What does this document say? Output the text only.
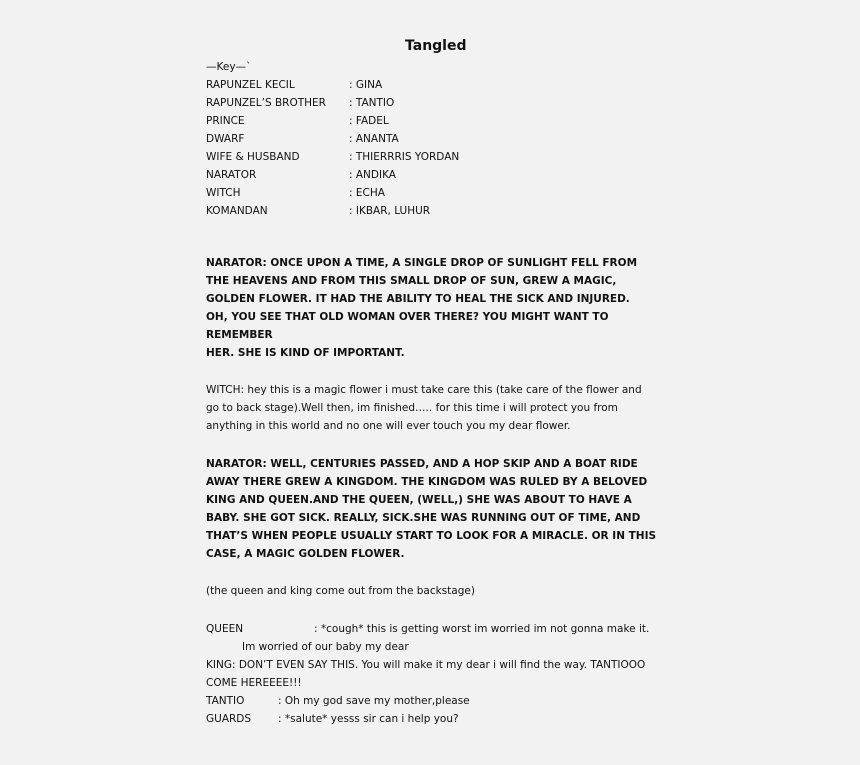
Tangled
—Key—`
RAPUNZEL KECIL	: GINA
RAPUNZEL’S BROTHER	: TANTIO
PRINCE	: FADEL
DWARF	: ANANTA
WIFE & HUSBAND	: THIERRRIS YORDAN
NARATOR	: ANDIKA
WITCH	: ECHA
KOMANDAN	: IKBAR, LUHUR
NARATOR: ONCE UPON A TIME, A SINGLE DROP OF SUNLIGHT FELL FROM
THE HEAVENS AND FROM THIS SMALL DROP OF SUN, GREW A MAGIC,
GOLDEN FLOWER. IT HAD THE ABILITY TO HEAL THE SICK AND INJURED.
OH, YOU SEE THAT OLD WOMAN OVER THERE? YOU MIGHT WANT TO
REMEMBER
HER. SHE IS KIND OF IMPORTANT.
WITCH: hey this is a magic flower i must take care this (take care of the flower and
go to back stage).Well then, im finished….. for this time i will protect you from
anything in this world and no one will ever touch you my dear flower.
NARATOR: WELL, CENTURIES PASSED, AND A HOP SKIP AND A BOAT RIDE
AWAY THERE GREW A KINGDOM. THE KINGDOM WAS RULED BY A BELOVED
KING AND QUEEN.AND THE QUEEN, (WELL,) SHE WAS ABOUT TO HAVE A
BABY. SHE GOT SICK. REALLY, SICK.SHE WAS RUNNING OUT OF TIME, AND
THAT’S WHEN PEOPLE USUALLY START TO LOOK FOR A MIRACLE. OR IN THIS
CASE, A MAGIC GOLDEN FLOWER.
(the queen and king come out from the backstage)
QUEEN	: *cough* this is getting worst im worried im not gonna make it.
Im worried of our baby my dear
KING: DON’T EVEN SAY THIS. You will make it my dear i will find the way. TANTIOOO
COME HEREEEE!!!
TANTIO	: Oh my god save my mother,please
GUARDS	: *salute* yesss sir can i help you?
